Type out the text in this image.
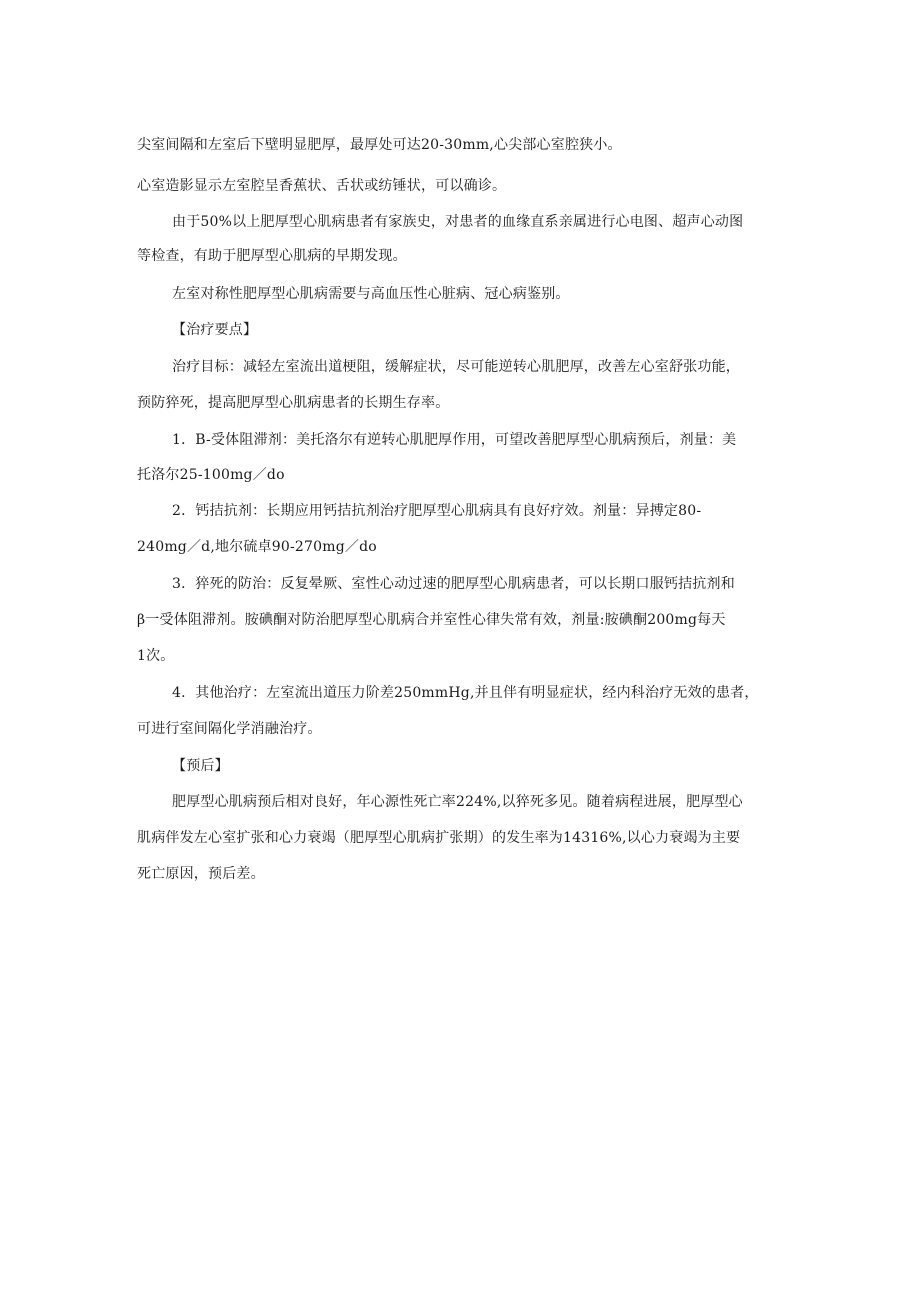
尖室间隔和左室后下壁明显肥厚，最厚处可达20-30mm,心尖部心室腔狭小。
心室造影显示左室腔呈香蕉状、舌状或纺锤状，可以确诊。
由于50%以上肥厚型心肌病患者有家族史，对患者的血缘直系亲属进行心电图、超声心动图
等检查，有助于肥厚型心肌病的早期发现。
左室对称性肥厚型心肌病需要与高血压性心脏病、冠心病鉴别。
【治疗要点】
治疗目标：减轻左室流出道梗阻，缓解症状，尽可能逆转心肌肥厚，改善左心室舒张功能，
预防猝死，提高肥厚型心肌病患者的长期生存率。
1．B-受体阻滞剂：美托洛尔有逆转心肌肥厚作用，可望改善肥厚型心肌病预后，剂量：美
托洛尔25-100mg／do
2．钙拮抗剂：长期应用钙拮抗剂治疗肥厚型心肌病具有良好疗效。剂量：异搏定80-
240mg／d,地尔硫卓90-270mg／do
3．猝死的防治：反复晕厥、室性心动过速的肥厚型心肌病患者，可以长期口服钙拮抗剂和
β一受体阻滞剂。胺碘酮对防治肥厚型心肌病合并室性心律失常有效，剂量:胺碘酮200mg每天
1次。
4．其他治疗：左室流出道压力阶差250mmHg,并且伴有明显症状，经内科治疗无效的患者，
可进行室间隔化学消融治疗。
【预后】
肥厚型心肌病预后相对良好，年心源性死亡率224%,以猝死多见。随着病程进展，肥厚型心
肌病伴发左心室扩张和心力衰竭（肥厚型心肌病扩张期）的发生率为14316%,以心力衰竭为主要
死亡原因，预后差。
